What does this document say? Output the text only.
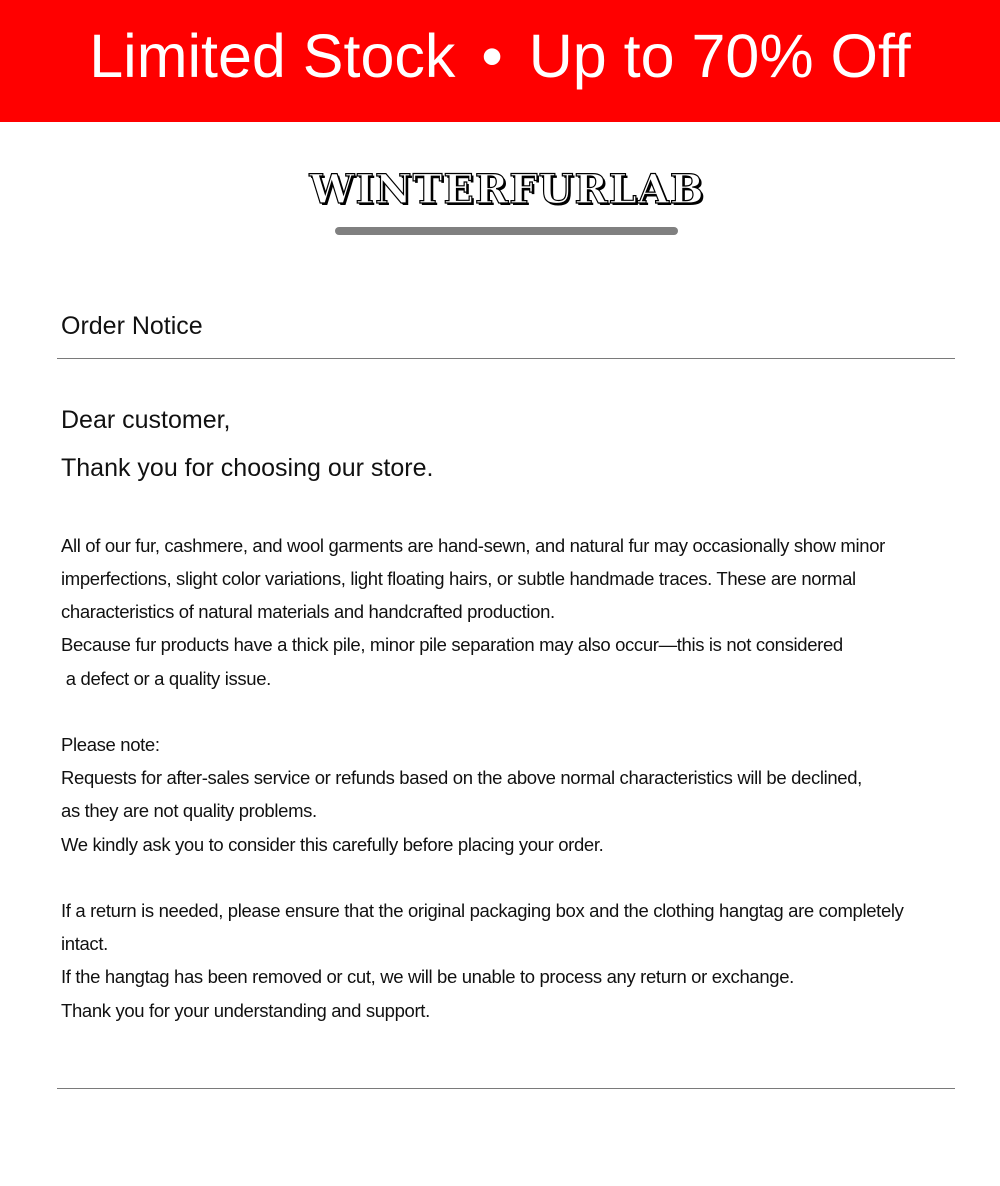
Limited Stock • Up to 70% Off
WINTERFURLAB
Order Notice
Dear customer,
Thank you for choosing our store.
All of our fur, cashmere, and wool garments are hand-sewn, and natural fur may occasionally show minor
imperfections, slight color variations, light floating hairs, or subtle handmade traces. These are normal
characteristics of natural materials and handcrafted production.
Because fur products have a thick pile, minor pile separation may also occur—this is not considered
a defect or a quality issue.
Please note:
Requests for after-sales service or refunds based on the above normal characteristics will be declined,
as they are not quality problems.
We kindly ask you to consider this carefully before placing your order.
If a return is needed, please ensure that the original packaging box and the clothing hangtag are completely
intact.
If the hangtag has been removed or cut, we will be unable to process any return or exchange.
Thank you for your understanding and support.
